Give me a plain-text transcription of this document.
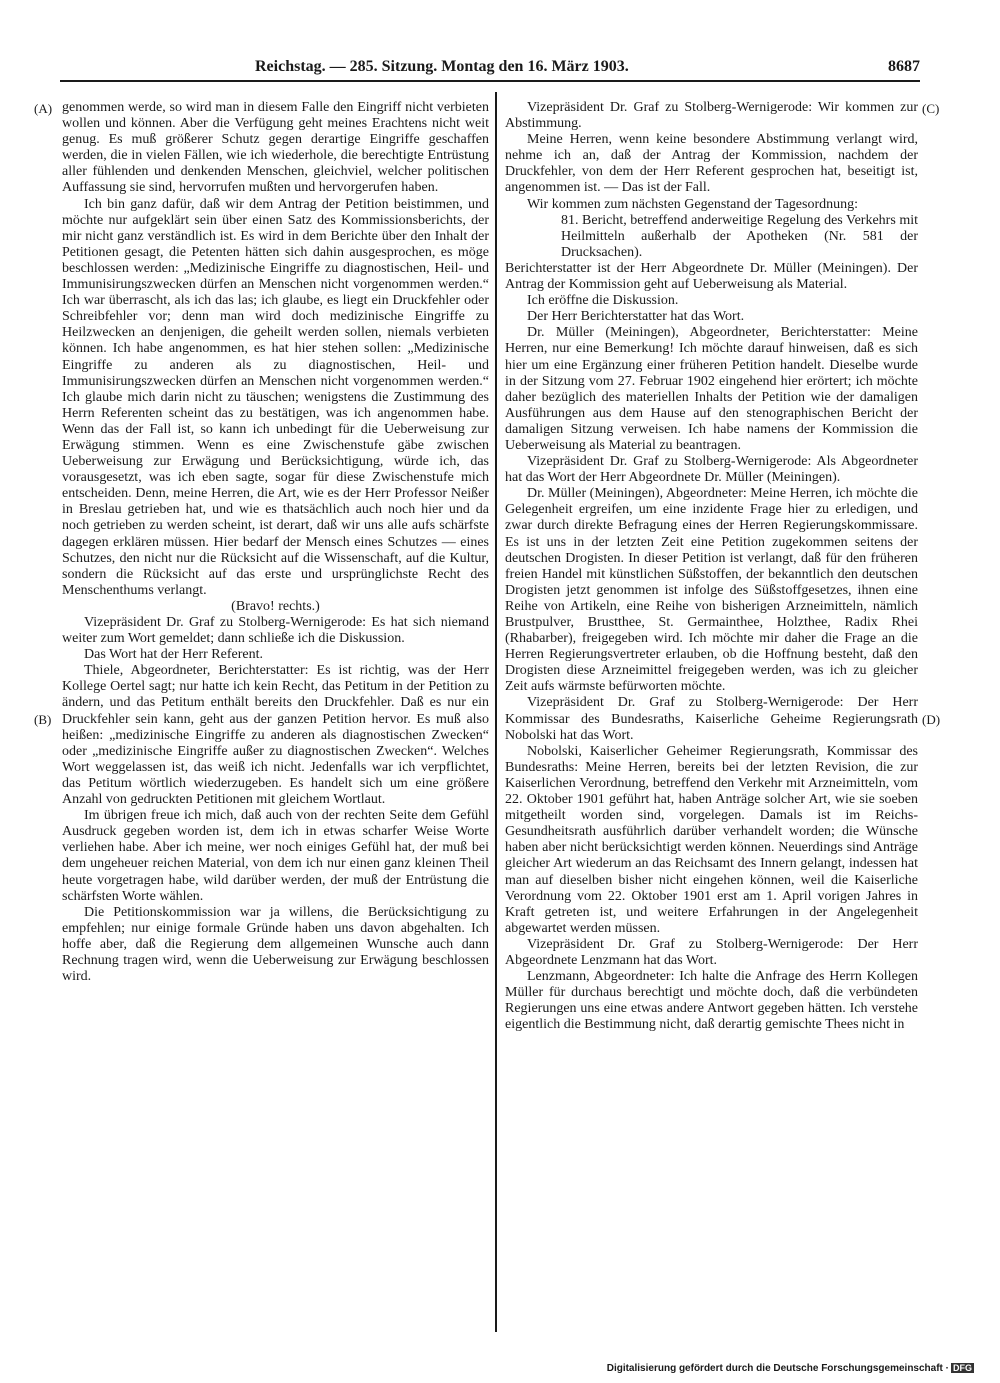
Reichstag. — 285. Sitzung. Montag den 16. März 1903.	8687
(A)
(B)
(C)
(D)

genommen werde, so wird man in diesem Falle den Eingriff nicht verbieten wollen und können. Aber die Verfügung geht meines Erachtens nicht weit genug. Es muß größerer Schutz gegen derartige Eingriffe geschaffen werden, die in vielen Fällen, wie ich wiederhole, die berechtigte Entrüstung aller fühlenden und denkenden Menschen, gleichviel, welcher politischen Auffassung sie sind, hervorrufen mußten und hervorgerufen haben.

Ich bin ganz dafür, daß wir dem Antrag der Petition beistimmen, und möchte nur aufgeklärt sein über einen Satz des Kommissionsberichts, der mir nicht ganz verständlich ist. Es wird in dem Berichte über den Inhalt der Petitionen gesagt, die Petenten hätten sich dahin ausgesprochen, es möge beschlossen werden: „Medizinische Eingriffe zu diagnostischen, Heil- und Immunisirungszwecken dürfen an Menschen nicht vorgenommen werden.“ Ich war überrascht, als ich das las; ich glaube, es liegt ein Druckfehler oder Schreibfehler vor; denn man wird doch medizinische Eingriffe zu Heilzwecken an denjenigen, die geheilt werden sollen, niemals verbieten können. Ich habe angenommen, es hat hier stehen sollen: „Medizinische Eingriffe zu anderen als zu diagnostischen, Heil- und Immunisirungszwecken dürfen an Menschen nicht vorgenommen werden.“ Ich glaube mich darin nicht zu täuschen; wenigstens die Zustimmung des Herrn Referenten scheint das zu bestätigen, was ich angenommen habe. Wenn das der Fall ist, so kann ich unbedingt für die Ueberweisung zur Erwägung stimmen. Wenn es eine Zwischenstufe gäbe zwischen Ueberweisung zur Erwägung und Berücksichtigung, würde ich, das vorausgesetzt, was ich eben sagte, sogar für diese Zwischenstufe mich entscheiden. Denn, meine Herren, die Art, wie es der Herr Professor Neißer in Breslau getrieben hat, und wie es thatsächlich auch noch hier und da noch getrieben zu werden scheint, ist derart, daß wir uns alle aufs schärfste dagegen erklären müssen. Hier bedarf der Mensch eines Schutzes — eines Schutzes, den nicht nur die Rücksicht auf die Wissenschaft, auf die Kultur, sondern die Rücksicht auf das erste und ursprünglichste Recht des Menschenthums verlangt.

(Bravo! rechts.)

Vizepräsident Dr. Graf zu Stolberg-Wernigerode: Es hat sich niemand weiter zum Wort gemeldet; dann schließe ich die Diskussion.

Das Wort hat der Herr Referent.

Thiele, Abgeordneter, Berichterstatter: Es ist richtig, was der Herr Kollege Oertel sagt; nur hatte ich kein Recht, das Petitum in der Petition zu ändern, und das Petitum enthält bereits den Druckfehler. Daß es nur ein Druckfehler sein kann, geht aus der ganzen Petition hervor. Es muß also heißen: „medizinische Eingriffe zu anderen als diagnostischen Zwecken“ oder „medizinische Eingriffe außer zu diagnostischen Zwecken“. Welches Wort weggelassen ist, das weiß ich nicht. Jedenfalls war ich verpflichtet, das Petitum wörtlich wiederzugeben. Es handelt sich um eine größere Anzahl von gedruckten Petitionen mit gleichem Wortlaut.

Im übrigen freue ich mich, daß auch von der rechten Seite dem Gefühl Ausdruck gegeben worden ist, dem ich in etwas scharfer Weise Worte verliehen habe. Aber ich meine, wer noch einiges Gefühl hat, der muß bei dem ungeheuer reichen Material, von dem ich nur einen ganz kleinen Theil heute vorgetragen habe, wild darüber werden, der muß der Entrüstung die schärfsten Worte wählen.

Die Petitionskommission war ja willens, die Berücksichtigung zu empfehlen; nur einige formale Gründe haben uns davon abgehalten. Ich hoffe aber, daß die Regierung dem allgemeinen Wunsche auch dann Rechnung tragen wird, wenn die Ueberweisung zur Erwägung beschlossen wird.

Vizepräsident Dr. Graf zu Stolberg-Wernigerode: Wir kommen zur Abstimmung.

Meine Herren, wenn keine besondere Abstimmung verlangt wird, nehme ich an, daß der Antrag der Kommission, nachdem der Druckfehler, von dem der Herr Referent gesprochen hat, beseitigt ist, angenommen ist. — Das ist der Fall.

Wir kommen zum nächsten Gegenstand der Tagesordnung:

81. Bericht, betreffend anderweitige Regelung des Verkehrs mit Heilmitteln außerhalb der Apotheken (Nr. 581 der Drucksachen).

Berichterstatter ist der Herr Abgeordnete Dr. Müller (Meiningen). Der Antrag der Kommission geht auf Ueberweisung als Material.

Ich eröffne die Diskussion.

Der Herr Berichterstatter hat das Wort.

Dr. Müller (Meiningen), Abgeordneter, Berichterstatter: Meine Herren, nur eine Bemerkung! Ich möchte darauf hinweisen, daß es sich hier um eine Ergänzung einer früheren Petition handelt. Dieselbe wurde in der Sitzung vom 27. Februar 1902 eingehend hier erörtert; ich möchte daher bezüglich des materiellen Inhalts der Petition wie der damaligen Ausführungen aus dem Hause auf den stenographischen Bericht der damaligen Sitzung verweisen. Ich habe namens der Kommission die Ueberweisung als Material zu beantragen.

Vizepräsident Dr. Graf zu Stolberg-Wernigerode: Als Abgeordneter hat das Wort der Herr Abgeordnete Dr. Müller (Meiningen).

Dr. Müller (Meiningen), Abgeordneter: Meine Herren, ich möchte die Gelegenheit ergreifen, um eine inzidente Frage hier zu erledigen, und zwar durch direkte Befragung eines der Herren Regierungskommissare. Es ist uns in der letzten Zeit eine Petition zugekommen seitens der deutschen Drogisten. In dieser Petition ist verlangt, daß für den früheren freien Handel mit künstlichen Süßstoffen, der bekanntlich den deutschen Drogisten jetzt genommen ist infolge des Süßstoffgesetzes, ihnen eine Reihe von Artikeln, eine Reihe von bisherigen Arzneimitteln, nämlich Brustpulver, Brustthee, St. Germainthee, Holzthee, Radix Rhei (Rhabarber), freigegeben wird. Ich möchte mir daher die Frage an die Herren Regierungsvertreter erlauben, ob die Hoffnung besteht, daß den Drogisten diese Arzneimittel freigegeben werden, was ich zu gleicher Zeit aufs wärmste befürworten möchte.

Vizepräsident Dr. Graf zu Stolberg-Wernigerode: Der Herr Kommissar des Bundesraths, Kaiserliche Geheime Regierungsrath Nobolski hat das Wort.

Nobolski, Kaiserlicher Geheimer Regierungsrath, Kommissar des Bundesraths: Meine Herren, bereits bei der letzten Revision, die zur Kaiserlichen Verordnung, betreffend den Verkehr mit Arzneimitteln, vom 22. Oktober 1901 geführt hat, haben Anträge solcher Art, wie sie soeben mitgetheilt worden sind, vorgelegen. Damals ist im Reichs-Gesundheitsrath ausführlich darüber verhandelt worden; die Wünsche haben aber nicht berücksichtigt werden können. Neuerdings sind Anträge gleicher Art wiederum an das Reichsamt des Innern gelangt, indessen hat man auf dieselben bisher nicht eingehen können, weil die Kaiserliche Verordnung vom 22. Oktober 1901 erst am 1. April vorigen Jahres in Kraft getreten ist, und weitere Erfahrungen in der Angelegenheit abgewartet werden müssen.

Vizepräsident Dr. Graf zu Stolberg-Wernigerode: Der Herr Abgeordnete Lenzmann hat das Wort.

Lenzmann, Abgeordneter: Ich halte die Anfrage des Herrn Kollegen Müller für durchaus berechtigt und möchte doch, daß die verbündeten Regierungen uns eine etwas andere Antwort gegeben hätten. Ich verstehe eigentlich die Bestimmung nicht, daß derartig gemischte Thees nicht in

Digitalisierung gefördert durch die Deutsche Forschungsgemeinschaft · DFG
